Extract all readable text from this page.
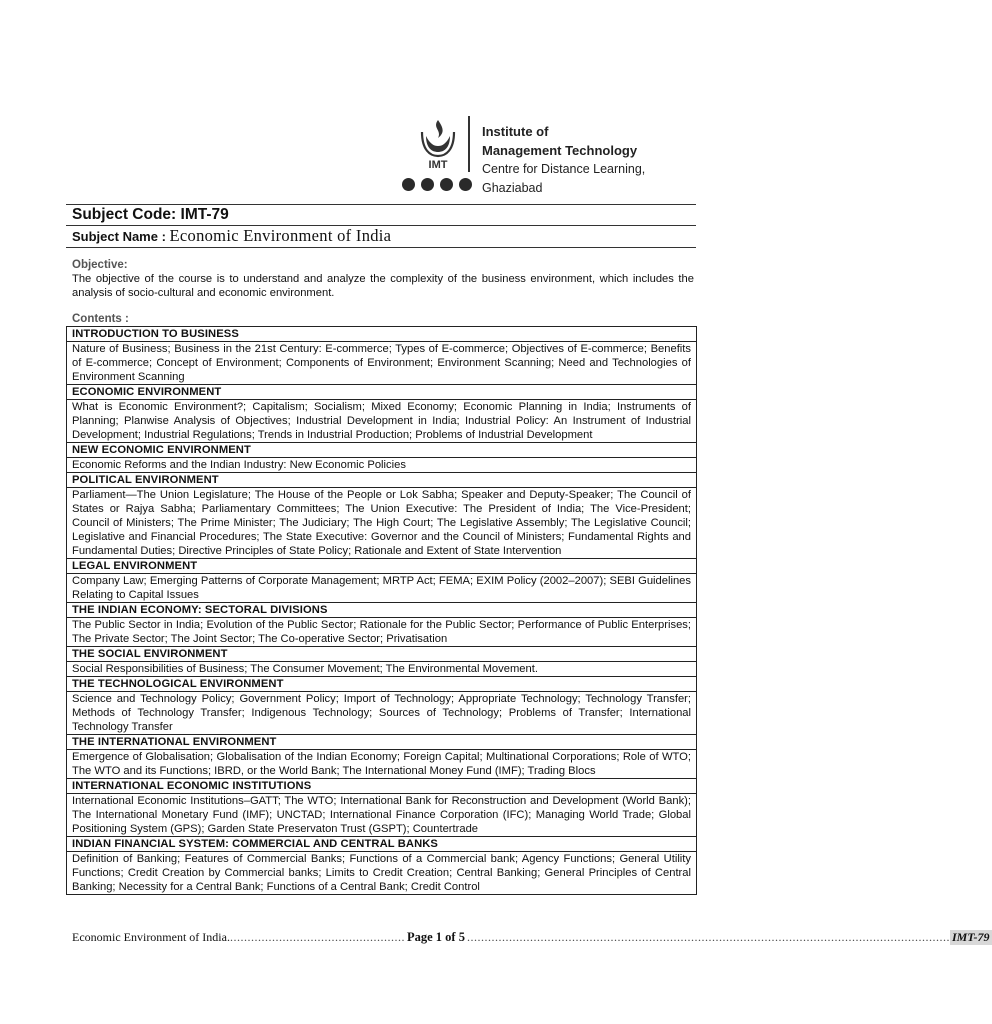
IMT
Institute of
Management Technology
Centre for Distance Learning, Ghaziabad
Subject Code: IMT-79
Subject Name : Economic Environment of India
Objective:
The objective of the course is to understand and analyze the complexity of the business environment, which includes the analysis of socio-cultural and economic environment.
Contents :
INTRODUCTION TO BUSINESS
Nature of Business; Business in the 21st Century: E-commerce; Types of E-commerce; Objectives of E-commerce; Benefits of E-commerce; Concept of Environment; Components of Environment; Environment Scanning; Need and Technologies of Environment Scanning
ECONOMIC ENVIRONMENT
What is Economic Environment?; Capitalism; Socialism; Mixed Economy; Economic Planning in India; Instruments of Planning; Planwise Analysis of Objectives; Industrial Development in India; Industrial Policy: An Instrument of Industrial Development; Industrial Regulations; Trends in Industrial Production; Problems of Industrial Development
NEW ECONOMIC ENVIRONMENT
Economic Reforms and the Indian Industry: New Economic Policies
POLITICAL ENVIRONMENT
Parliament—The Union Legislature; The House of the People or Lok Sabha; Speaker and Deputy-Speaker; The Council of States or Rajya Sabha; Parliamentary Committees; The Union Executive: The President of India; The Vice-President; Council of Ministers; The Prime Minister; The Judiciary; The High Court; The Legislative Assembly; The Legislative Council; Legislative and Financial Procedures; The State Executive: Governor and the Council of Ministers; Fundamental Rights and Fundamental Duties; Directive Principles of State Policy; Rationale and Extent of State Intervention
LEGAL ENVIRONMENT
Company Law; Emerging Patterns of Corporate Management; MRTP Act; FEMA; EXIM Policy (2002–2007); SEBI Guidelines Relating to Capital Issues
THE INDIAN ECONOMY: SECTORAL DIVISIONS
The Public Sector in India; Evolution of the Public Sector; Rationale for the Public Sector; Performance of Public Enterprises; The Private Sector; The Joint Sector; The Co-operative Sector; Privatisation
THE SOCIAL ENVIRONMENT
Social Responsibilities of Business; The Consumer Movement; The Environmental Movement.
THE TECHNOLOGICAL ENVIRONMENT
Science and Technology Policy; Government Policy; Import of Technology; Appropriate Technology; Technology Transfer; Methods of Technology Transfer; Indigenous Technology; Sources of Technology; Problems of Transfer; International Technology Transfer
THE INTERNATIONAL ENVIRONMENT
Emergence of Globalisation; Globalisation of the Indian Economy; Foreign Capital; Multinational Corporations; Role of WTO; The WTO and its Functions; IBRD, or the World Bank; The International Money Fund (IMF); Trading Blocs
INTERNATIONAL ECONOMIC INSTITUTIONS
International Economic Institutions–GATT; The WTO; International Bank for Reconstruction and Development (World Bank); The International Monetary Fund (IMF); UNCTAD; International Finance Corporation (IFC); Managing World Trade; Global Positioning System (GPS); Garden State Preservaton Trust (GSPT); Countertrade
INDIAN FINANCIAL SYSTEM: COMMERCIAL AND CENTRAL BANKS
Definition of Banking; Features of Commercial Banks; Functions of a Commercial bank; Agency Functions; General Utility Functions; Credit Creation by Commercial banks; Limits to Credit Creation; Central Banking; General Principles of Central Banking; Necessity for a Central Bank; Functions of a Central Bank; Credit Control
Economic Environment of India. .................................................. Page 1 of 5 .......................................................................................................................................... IMT-79
